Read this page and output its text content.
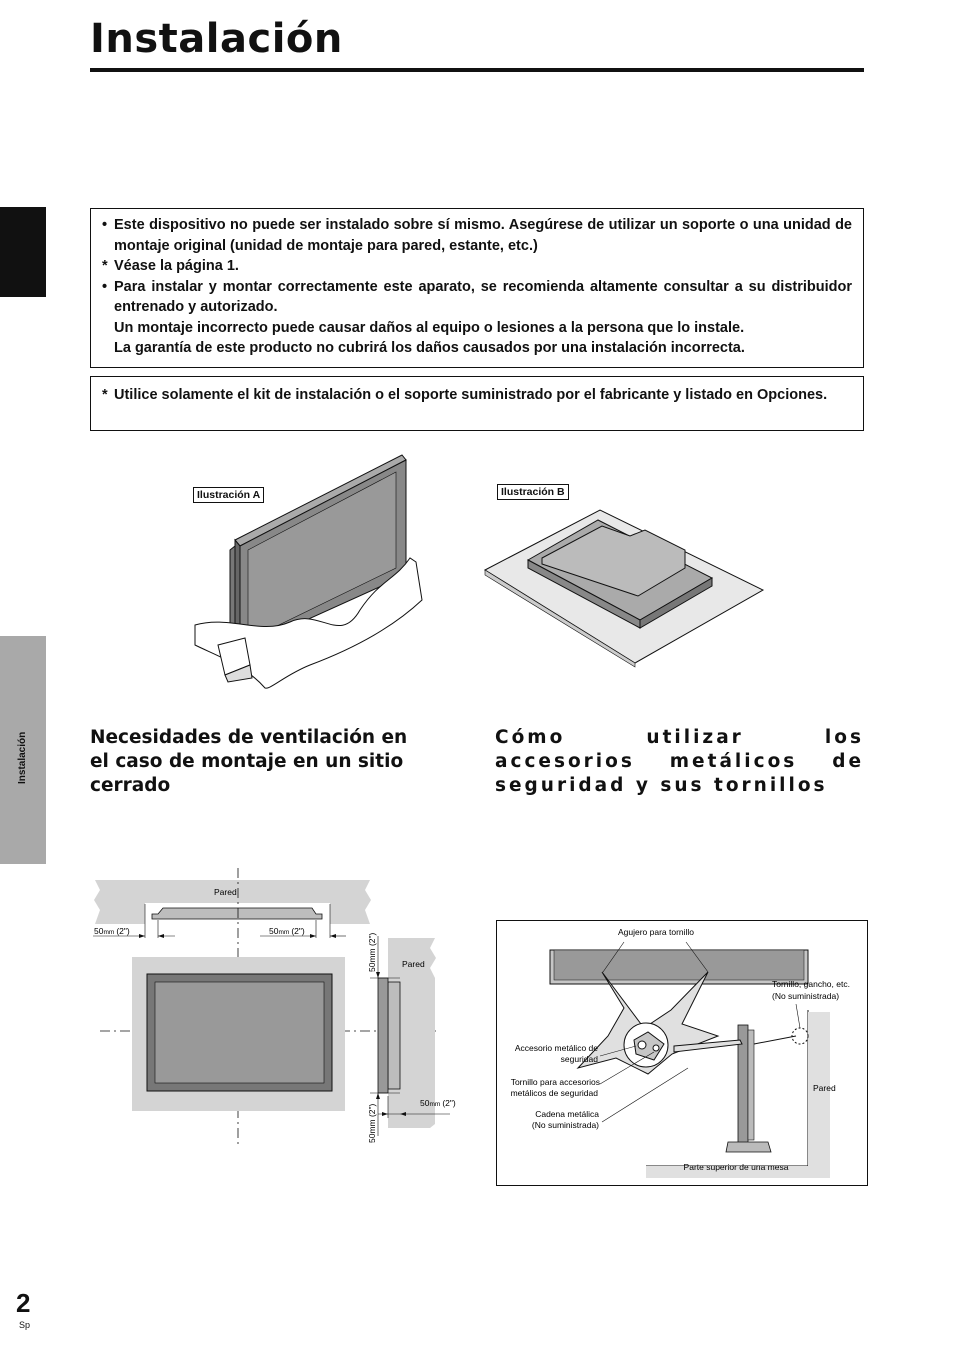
Instalación
Español
Instalación
• Este dispositivo no puede ser instalado sobre sí mismo. Asegúrese de utilizar un soporte o una unidad de montaje original (unidad de montaje para pared, estante, etc.)
* Véase la página 1.
• Para instalar y montar correctamente este aparato, se recomienda altamente consultar a su distribuidor entrenado y autorizado.
Un montaje incorrecto puede causar daños al equipo o lesiones a la persona que lo instale.
La garantía de este producto no cubrirá los daños causados por una instalación incorrecta.
* Utilice solamente el kit de instalación o el soporte suministrado por el fabricante y listado en Opciones.
Ilustración A	Ilustración B
Necesidades de ventilación en el caso de montaje en un sitio cerrado
Cómo utilizar los accesorios metálicos de seguridad y sus tornillos
Pared
Pared
50mm (2")	50mm (2")
50mm (2")
50mm (2")
50mm (2")
Agujero para tornillo
Tornillo, gancho, etc.
(No suministrada)
Accesorio metálico de
seguridad
Tornillo para accesorios
metálicos de seguridad
Cadena metálica
(No suministrada)
Pared
Parte superior de una mesa
2
Sp
